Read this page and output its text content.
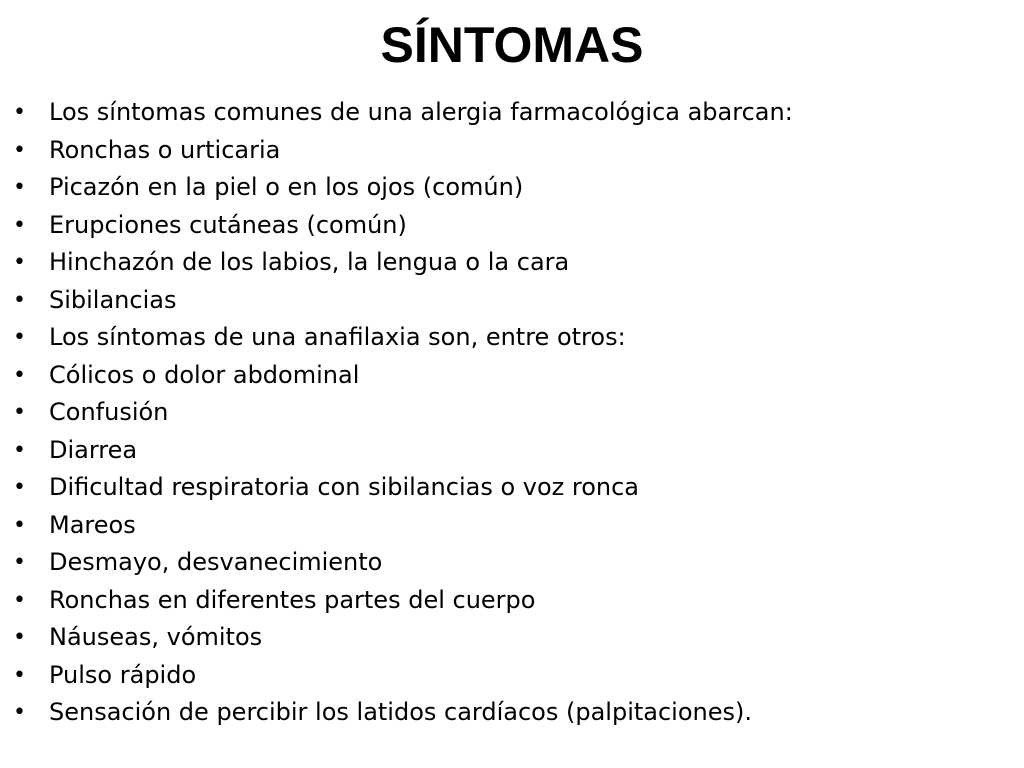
SÍNTOMAS
• Los síntomas comunes de una alergia farmacológica abarcan:
• Ronchas o urticaria
• Picazón en la piel o en los ojos (común)
• Erupciones cutáneas (común)
• Hinchazón de los labios, la lengua o la cara
• Sibilancias
• Los síntomas de una anafilaxia son, entre otros:
• Cólicos o dolor abdominal
• Confusión
• Diarrea
• Dificultad respiratoria con sibilancias o voz ronca
• Mareos
• Desmayo, desvanecimiento
• Ronchas en diferentes partes del cuerpo
• Náuseas, vómitos
• Pulso rápido
• Sensación de percibir los latidos cardíacos (palpitaciones).
